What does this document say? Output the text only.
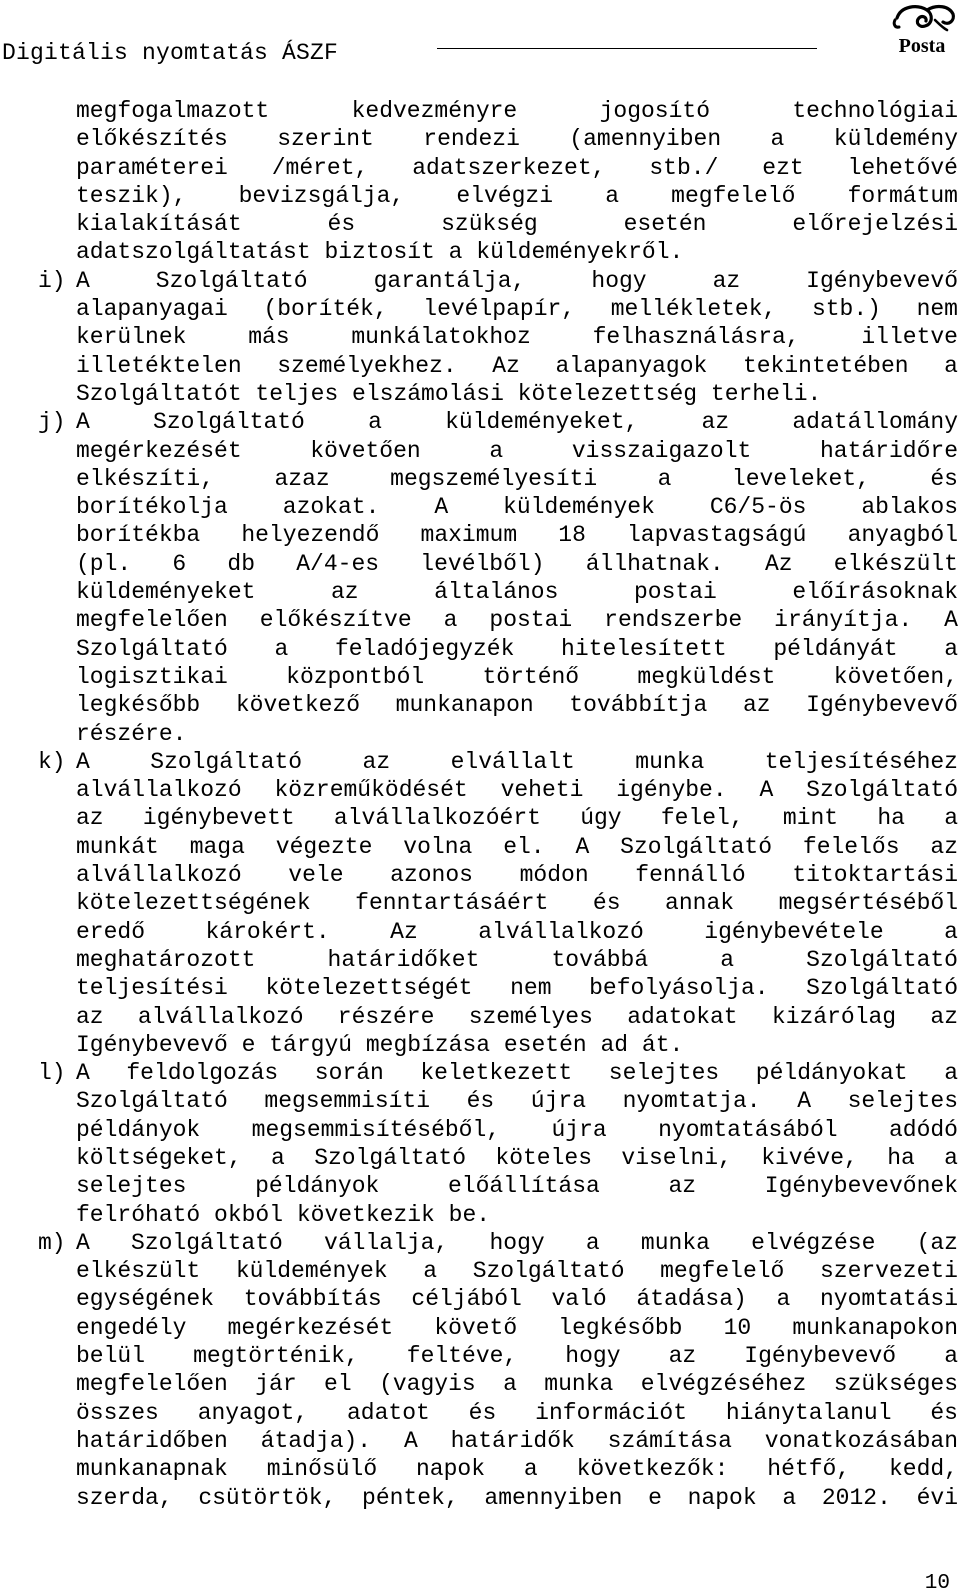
Digitális nyomtatás ÁSZF	Posta
megfogalmazott kedvezményre jogosító technológiai
előkészítés szerint rendezi (amennyiben a küldemény
paraméterei /méret, adatszerkezet, stb./ ezt lehetővé
teszik), bevizsgálja, elvégzi a megfelelő formátum
kialakítását és szükség esetén előrejelzési
adatszolgáltatást biztosít a küldeményekről.
i) A Szolgáltató garantálja, hogy az Igénybevevő
alapanyagai (boríték, levélpapír, mellékletek, stb.) nem
kerülnek más munkálatokhoz felhasználásra, illetve
illetéktelen személyekhez. Az alapanyagok tekintetében a
Szolgáltatót teljes elszámolási kötelezettség terheli.
j) A Szolgáltató a küldeményeket, az adatállomány
megérkezését követően a visszaigazolt határidőre
elkészíti, azaz megszemélyesíti a leveleket, és
borítékolja azokat. A küldemények C6/5-ös ablakos
borítékba helyezendő maximum 18 lapvastagságú anyagból
(pl. 6 db A/4-es levélből) állhatnak. Az elkészült
küldeményeket az általános postai előírásoknak
megfelelően előkészítve a postai rendszerbe irányítja. A
Szolgáltató a feladójegyzék hitelesített példányát a
logisztikai központból történő megküldést követően,
legkésőbb következő munkanapon továbbítja az Igénybevevő
részére.
k) A Szolgáltató az elvállalt munka teljesítéséhez
alvállalkozó közreműködését veheti igénybe. A Szolgáltató
az igénybevett alvállalkozóért úgy felel, mint ha a
munkát maga végezte volna el. A Szolgáltató felelős az
alvállalkozó vele azonos módon fennálló titoktartási
kötelezettségének fenntartásáért és annak megsértéséből
eredő károkért. Az alvállalkozó igénybevétele a
meghatározott határidőket továbbá a Szolgáltató
teljesítési kötelezettségét nem befolyásolja. Szolgáltató
az alvállalkozó részére személyes adatokat kizárólag az
Igénybevevő e tárgyú megbízása esetén ad át.
l) A feldolgozás során keletkezett selejtes példányokat a
Szolgáltató megsemmisíti és újra nyomtatja. A selejtes
példányok megsemmisítéséből, újra nyomtatásából adódó
költségeket, a Szolgáltató köteles viselni, kivéve, ha a
selejtes példányok előállítása az Igénybevevőnek
felróható okból következik be.
m) A Szolgáltató vállalja, hogy a munka elvégzése (az
elkészült küldemények a Szolgáltató megfelelő szervezeti
egységének továbbítás céljából való átadása) a nyomtatási
engedély megérkezését követő legkésőbb 10 munkanapokon
belül megtörténik, feltéve, hogy az Igénybevevő a
megfelelően jár el (vagyis a munka elvégzéséhez szükséges
összes anyagot, adatot és információt hiánytalanul és
határidőben átadja). A határidők számítása vonatkozásában
munkanapnak minősülő napok a következők: hétfő, kedd,
szerda, csütörtök, péntek, amennyiben e napok a 2012. évi
10
